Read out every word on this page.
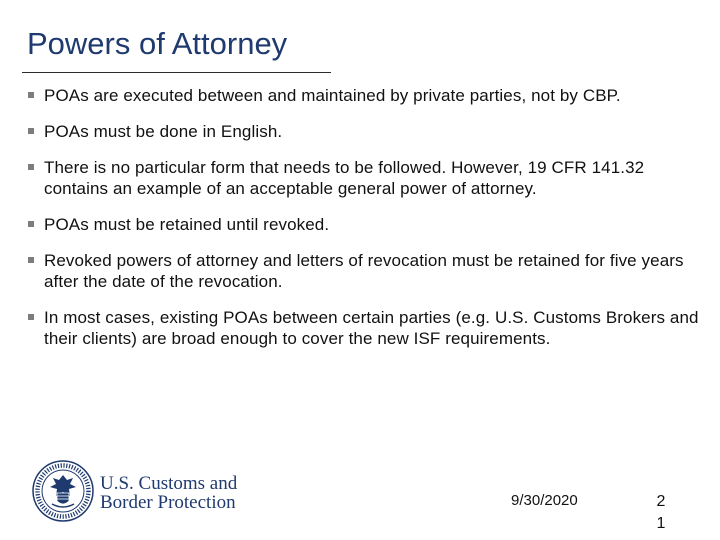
Powers of Attorney
POAs are executed between and maintained by private parties, not by CBP.
POAs must be done in English.
There is no particular form that needs to be followed. However, 19 CFR 141.32 contains an example of an acceptable general power of attorney.
POAs must be retained until revoked.
Revoked powers of attorney and letters of revocation must be retained for five years after the date of the revocation.
In most cases, existing POAs between certain parties (e.g. U.S. Customs Brokers and their clients) are broad enough to cover the new ISF requirements.
U.S. Customs and
Border Protection	9/30/2020	2
1
